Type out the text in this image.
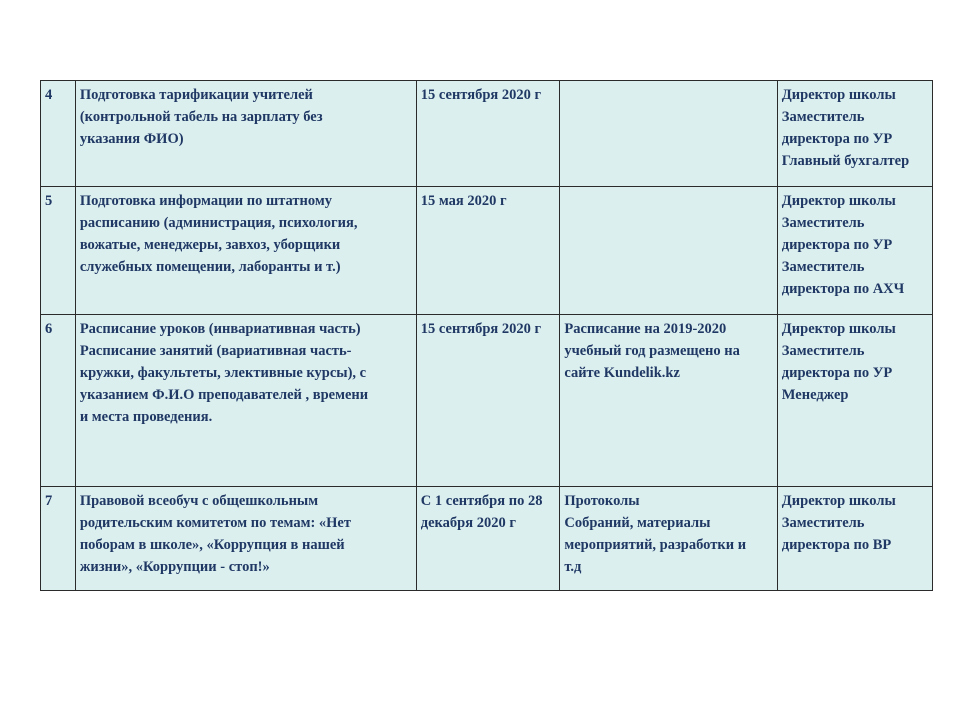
4	Подготовка тарификации учителей
(контрольной табель на зарплату без
указания ФИО)	15 сентября 2020 г		Директор школы
Заместитель
директора по УР
Главный бухгалтер
5	Подготовка информации по штатному
расписанию (администрация, психология,
вожатые, менеджеры, завхоз, уборщики
служебных помещении, лаборанты и т.)	15 мая 2020 г		Директор школы
Заместитель
директора по УР
Заместитель
директора по АХЧ
6	Расписание уроков (инвариативная часть)
Расписание занятий (вариативная часть-
кружки, факультеты, элективные курсы), с
указанием Ф.И.О преподавателей , времени
и места проведения.	15 сентября 2020 г	Расписание на 2019-2020
учебный год размещено на
сайте Kundelik.kz	Директор школы
Заместитель
директора по УР
Менеджер
7	Правовой всеобуч с общешкольным
родительским комитетом по темам: «Нет
поборам в школе», «Коррупция в нашей
жизни», «Коррупции - стоп!»	С 1 сентября по 28
декабря 2020 г	Протоколы
Собраний, материалы
мероприятий, разработки и
т.д	Директор школы
Заместитель
директора по ВР
